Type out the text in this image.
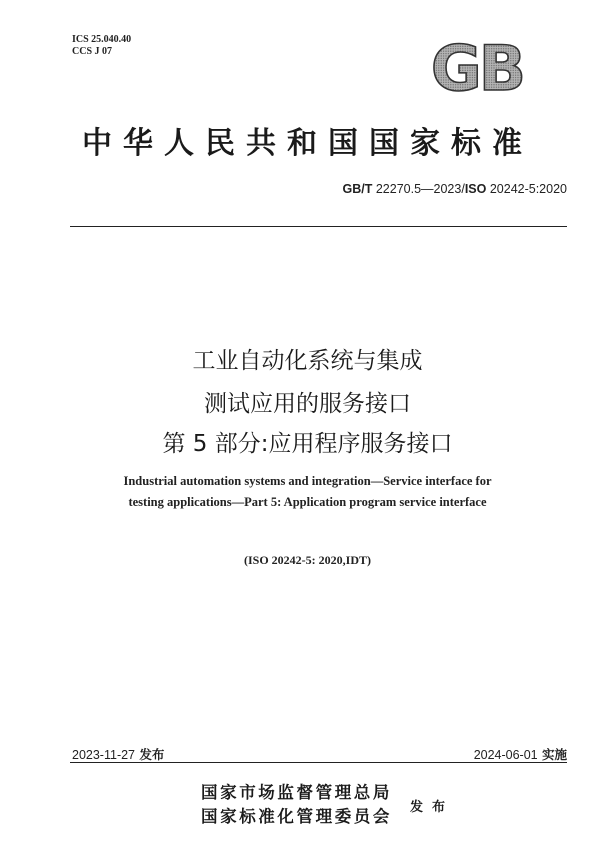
ICS 25.040.40
CCS J 07	GB
中华人民共和国国家标准
GB/T 22270.5—2023/ISO 20242-5:2020
工业自动化系统与集成
测试应用的服务接口
第 5 部分:应用程序服务接口
Industrial automation systems and integration—Service interface for
testing applications—Part 5: Application program service interface
(ISO 20242-5: 2020,IDT)
2023-11-27 发布	2024-06-01 实施
国家市场监督管理总局
国家标准化管理委员会 发布
